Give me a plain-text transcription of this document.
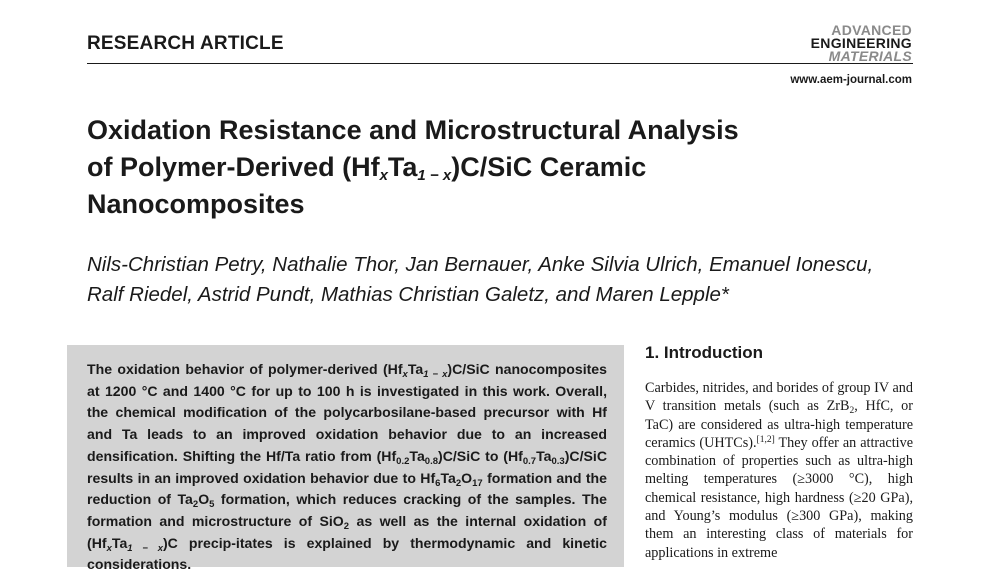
RESEARCH ARTICLE
ADVANCED
ENGINEERING
MATERIALS
www.aem-journal.com
Oxidation Resistance and Microstructural Analysis
of Polymer-Derived $(Hf_xTa_{1 - x})C$/SiC Ceramic
Nanocomposites
Nils-Christian Petry, Nathalie Thor, Jan Bernauer, Anke Silvia Ulrich, Emanuel Ionescu,
Ralf Riedel, Astrid Pundt, Mathias Christian Galetz, and Maren Lepple*
The oxidation behavior of polymer-derived $(Hf_xTa_{1 - x})C$/SiC nanocomposites at 1200 °C and 1400 °C for up to 100 h is investigated in this work. Overall, the chemical modification of the polycarbosilane-based precursor with Hf and Ta leads to an improved oxidation behavior due to an increased densification. Shifting the Hf/Ta ratio from $(Hf_{0.2}Ta_{0.8})C$/SiC to $(Hf_{0.7}Ta_{0.3})C$/SiC results in an improved oxidation behavior due to $Hf_6Ta_2O_{17}$ formation and the reduction of $Ta_2O_5$ formation, which reduces cracking of the samples. The formation and microstructure of SiO$_2$ as well as the internal oxidation of $(Hf_xTa_{1 - x})C$ precip-itates is explained by thermodynamic and kinetic considerations.
1. Introduction
Carbides, nitrides, and borides of group IV and V transition metals (such as ZrB$_2$, HfC, or TaC) are considered as ultra-high temperature ceramics (UHTCs).[1,2] They offer an attractive combination of properties such as ultra-high melting temperatures (≥3000 °C), high chemical resistance, high hardness (≥20 GPa), and Young’s modulus (≥300 GPa), making them an interesting class of materials for applications in extreme
